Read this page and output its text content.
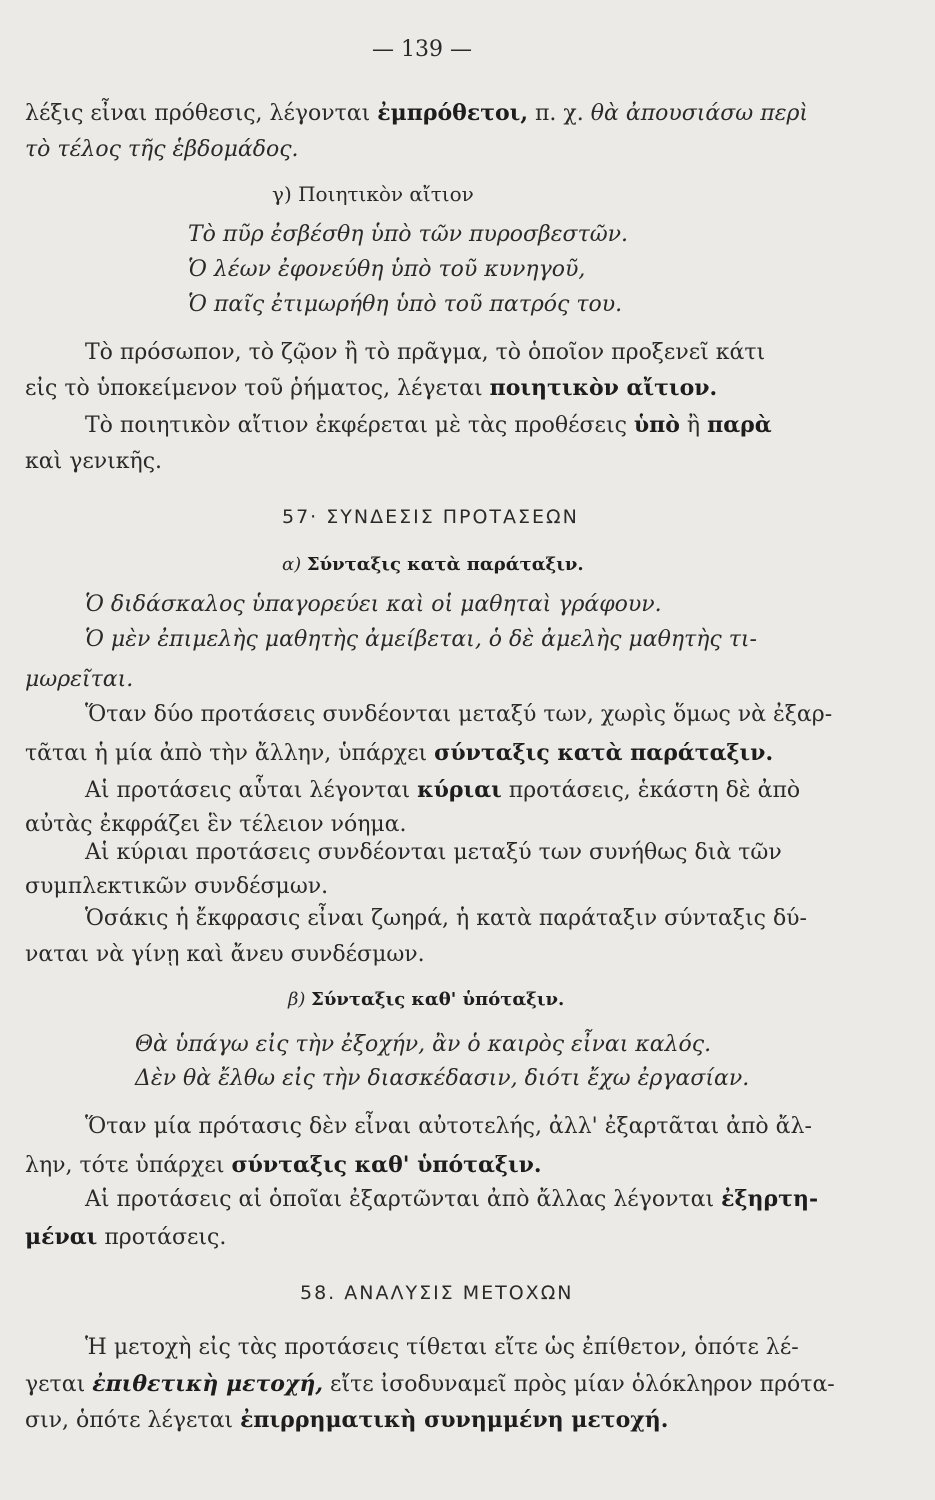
— 139 —
λέξις εἶναι πρόθεσις, λέγονται ἐμπρόθετοι, π. χ. θὰ ἀπουσιάσω περὶ
τὸ τέλος τῆς ἑβδομάδος.
γ) Ποιητικὸν αἴτιον
Τὸ πῦρ ἐσβέσθη ὑπὸ τῶν πυροσβεστῶν.
Ὁ λέων ἐφονεύθη ὑπὸ τοῦ κυνηγοῦ,
Ὁ παῖς ἐτιμωρήθη ὑπὸ τοῦ πατρός του.
Τὸ πρόσωπον, τὸ ζῷον ἢ τὸ πρᾶγμα, τὸ ὁποῖον προξενεῖ κάτι
εἰς τὸ ὑποκείμενον τοῦ ῥήματος, λέγεται ποιητικὸν αἴτιον.
Τὸ ποιητικὸν αἴτιον ἐκφέρεται μὲ τὰς προθέσεις ὑπὸ ἢ παρὰ
καὶ γενικῆς.
57· ΣΥΝΔΕΣΙΣ ΠΡΟΤΑΣΕΩΝ
α) Σύνταξις κατὰ παράταξιν.
Ὁ διδάσκαλος ὑπαγορεύει καὶ οἱ μαθηταὶ γράφουν.
Ὁ μὲν ἐπιμελὴς μαθητὴς ἀμείβεται, ὁ δὲ ἀμελὴς μαθητὴς τι-
μωρεῖται.
Ὅταν δύο προτάσεις συνδέονται μεταξύ των, χωρὶς ὅμως νὰ ἐξαρ-
τᾶται ἡ μία ἀπὸ τὴν ἄλλην, ὑπάρχει σύνταξις κατὰ παράταξιν.
Αἱ προτάσεις αὗται λέγονται κύριαι προτάσεις, ἑκάστη δὲ ἀπὸ
αὐτὰς ἐκφράζει ἓν τέλειον νόημα.
Αἱ κύριαι προτάσεις συνδέονται μεταξύ των συνήθως διὰ τῶν
συμπλεκτικῶν συνδέσμων.
Ὁσάκις ἡ ἔκφρασις εἶναι ζωηρά, ἡ κατὰ παράταξιν σύνταξις δύ-
ναται νὰ γίνῃ καὶ ἄνευ συνδέσμων.
β) Σύνταξις καθ' ὑπόταξιν.
Θὰ ὑπάγω εἰς τὴν ἐξοχήν, ἂν ὁ καιρὸς εἶναι καλός.
Δὲν θὰ ἔλθω εἰς τὴν διασκέδασιν, διότι ἔχω ἐργασίαν.
Ὅταν μία πρότασις δὲν εἶναι αὐτοτελής, ἀλλ' ἐξαρτᾶται ἀπὸ ἄλ-
λην, τότε ὑπάρχει σύνταξις καθ' ὑπόταξιν.
Αἱ προτάσεις αἱ ὁποῖαι ἐξαρτῶνται ἀπὸ ἄλλας λέγονται ἐξηρτη-
μέναι προτάσεις.
58. ΑΝΑΛΥΣΙΣ ΜΕΤΟΧΩΝ
Ἡ μετοχὴ εἰς τὰς προτάσεις τίθεται εἴτε ὡς ἐπίθετον, ὁπότε λέ-
γεται ἐπιθετικὴ μετοχή, εἴτε ἰσοδυναμεῖ πρὸς μίαν ὁλόκληρον πρότα-
σιν, ὁπότε λέγεται ἐπιρρηματικὴ συνημμένη μετοχή.
